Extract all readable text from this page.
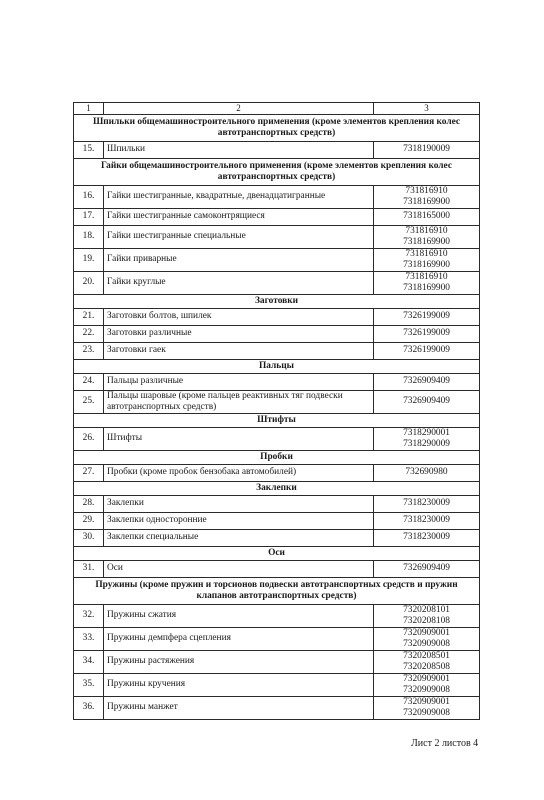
1	2	3
Шпильки общемашиностроительного применения (кроме элементов крепления колес автотранспортных средств)		
15.	Шпильки	7318190009

Гайки общемашиностроительного применения (кроме элементов крепления колес автотранспортных средств)		
16.	Гайки шестигранные, квадратные, двенадцатигранные	731816910
7318169900

17.	Гайки шестигранные самоконтрящиеся	7318165000

18.	Гайки шестигранные специальные	731816910
7318169900

19.	Гайки приварные	731816910
7318169900

20.	Гайки круглые	731816910
7318169900

Заготовки		
21.	Заготовки болтов, шпилек	7326199009

22.	Заготовки различные	7326199009

23.	Заготовки гаек	7326199009

Пальцы		
24.	Пальцы различные	7326909409

25.	Пальцы шаровые (кроме пальцев реактивных тяг подвески автотранспортных средств)	7326909409

Штифты		
26.	Штифты	7318290001
7318290009

Пробки		
27.	Пробки (кроме пробок бензобака автомобилей)	732690980

Заклепки		
28.	Заклепки	7318230009

29.	Заклепки односторонние	7318230009

30.	Заклепки специальные	7318230009

Оси		
31.	Оси	7326909409

Пружины (кроме пружин и торсионов подвески автотранспортных средств и пружин клапанов автотранспортных средств)		
32.	Пружины сжатия	7320208101
7320208108

33.	Пружины демпфера сцепления	7320909001
7320909008

34.	Пружины растяжения	7320208501
7320208508

35.	Пружины кручения	7320909001
7320909008

36.	Пружины манжет	7320909001
7320909008
Лист 2 листов 4
